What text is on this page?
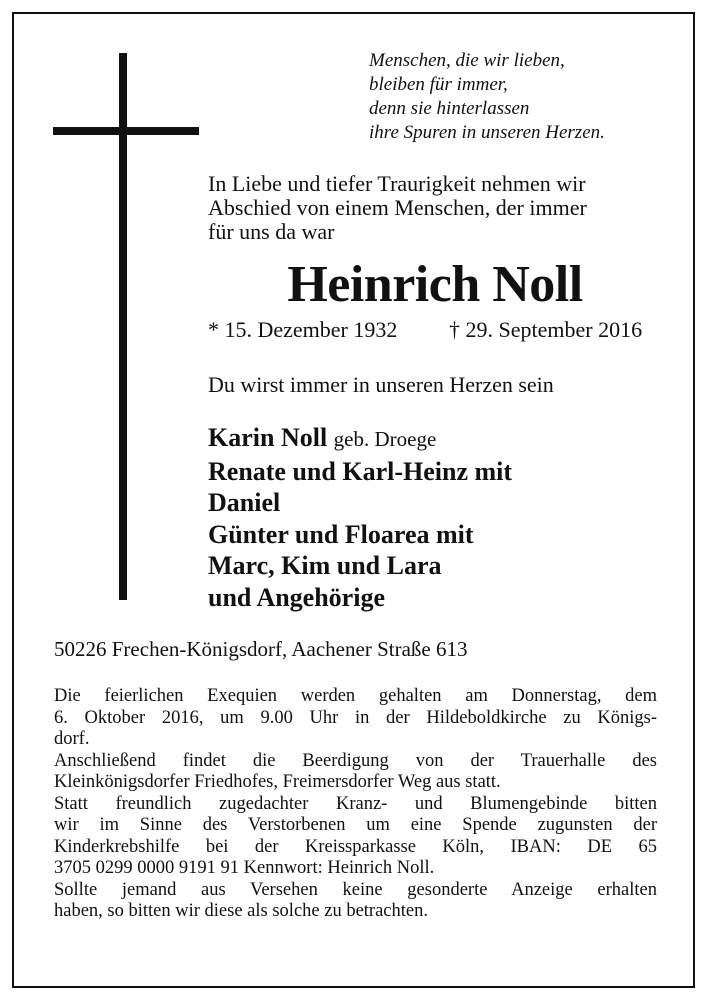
Menschen, die wir lieben,
bleiben für immer,
denn sie hinterlassen
ihre Spuren in unseren Herzen.
In Liebe und tiefer Traurigkeit nehmen wir
Abschied von einem Menschen, der immer
für uns da war
Heinrich Noll
* 15. Dezember 1932 † 29. September 2016
Du wirst immer in unseren Herzen sein
Karin Noll geb. Droege
Renate und Karl-Heinz mit
Daniel
Günter und Floarea mit
Marc, Kim und Lara
und Angehörige
50226 Frechen-Königsdorf, Aachener Straße 613
Die feierlichen Exequien werden gehalten am Donnerstag, dem
6. Oktober 2016, um 9.00 Uhr in der Hildeboldkirche zu Königs-
dorf.
Anschließend findet die Beerdigung von der Trauerhalle des
Kleinkönigsdorfer Friedhofes, Freimersdorfer Weg aus statt.
Statt freundlich zugedachter Kranz- und Blumengebinde bitten
wir im Sinne des Verstorbenen um eine Spende zugunsten der
Kinderkrebshilfe bei der Kreissparkasse Köln, IBAN: DE 65
3705 0299 0000 9191 91 Kennwort: Heinrich Noll.
Sollte jemand aus Versehen keine gesonderte Anzeige erhalten
haben, so bitten wir diese als solche zu betrachten.
